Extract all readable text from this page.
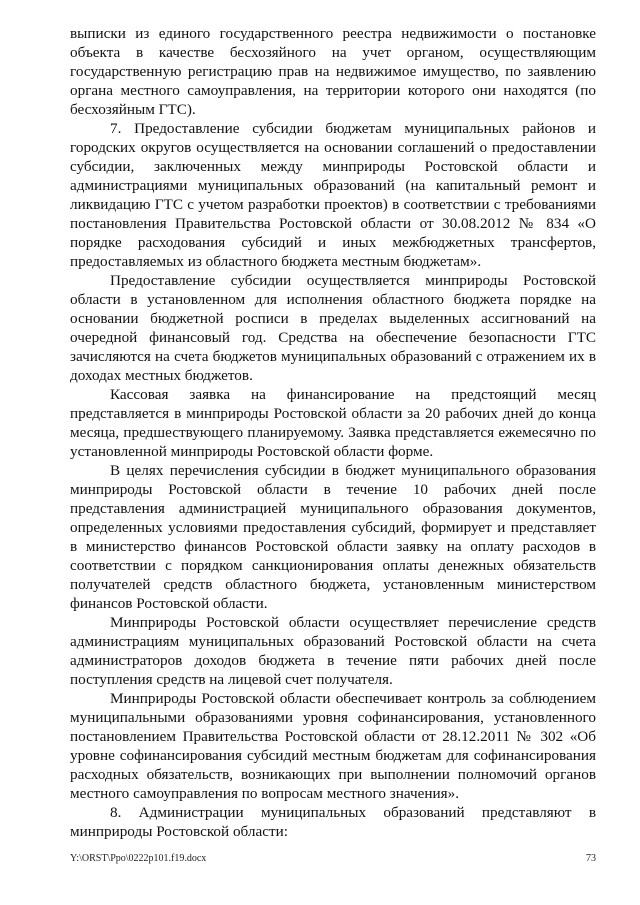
выписки из единого государственного реестра недвижимости о постановке объекта в качестве бесхозяйного на учет органом, осуществляющим государственную регистрацию прав на недвижимое имущество, по заявлению органа местного самоуправления, на территории которого они находятся (по бесхозяйным ГТС).

7. Предоставление субсидии бюджетам муниципальных районов и городских округов осуществляется на основании соглашений о предоставлении субсидии, заключенных между минприроды Ростовской области и администрациями муниципальных образований (на капитальный ремонт и ликвидацию ГТС с учетом разработки проектов) в соответствии с требованиями постановления Правительства Ростовской области от 30.08.2012 № 834 «О порядке расходования субсидий и иных межбюджетных трансфертов, предоставляемых из областного бюджета местным бюджетам».

Предоставление субсидии осуществляется минприроды Ростовской области в установленном для исполнения областного бюджета порядке на основании бюджетной росписи в пределах выделенных ассигнований на очередной финансовый год. Средства на обеспечение безопасности ГТС зачисляются на счета бюджетов муниципальных образований с отражением их в доходах местных бюджетов.

Кассовая заявка на финансирование на предстоящий месяц представляется в минприроды Ростовской области за 20 рабочих дней до конца месяца, предшествующего планируемому. Заявка представляется ежемесячно по установленной минприроды Ростовской области форме.

В целях перечисления субсидии в бюджет муниципального образования минприроды Ростовской области в течение 10 рабочих дней после представления администрацией муниципального образования документов, определенных условиями предоставления субсидий, формирует и представляет в министерство финансов Ростовской области заявку на оплату расходов в соответствии с порядком санкционирования оплаты денежных обязательств получателей средств областного бюджета, установленным министерством финансов Ростовской области.

Минприроды Ростовской области осуществляет перечисление средств администрациям муниципальных образований Ростовской области на счета администраторов доходов бюджета в течение пяти рабочих дней после поступления средств на лицевой счет получателя.

Минприроды Ростовской области обеспечивает контроль за соблюдением муниципальными образованиями уровня софинансирования, установленного постановлением Правительства Ростовской области от 28.12.2011 № 302 «Об уровне софинансирования субсидий местным бюджетам для софинансирования расходных обязательств, возникающих при выполнении полномочий органов местного самоуправления по вопросам местного значения».

8. Администрации муниципальных образований представляют в минприроды Ростовской области:

Y:\ORST\Ppo\0222p101.f19.docx	73
